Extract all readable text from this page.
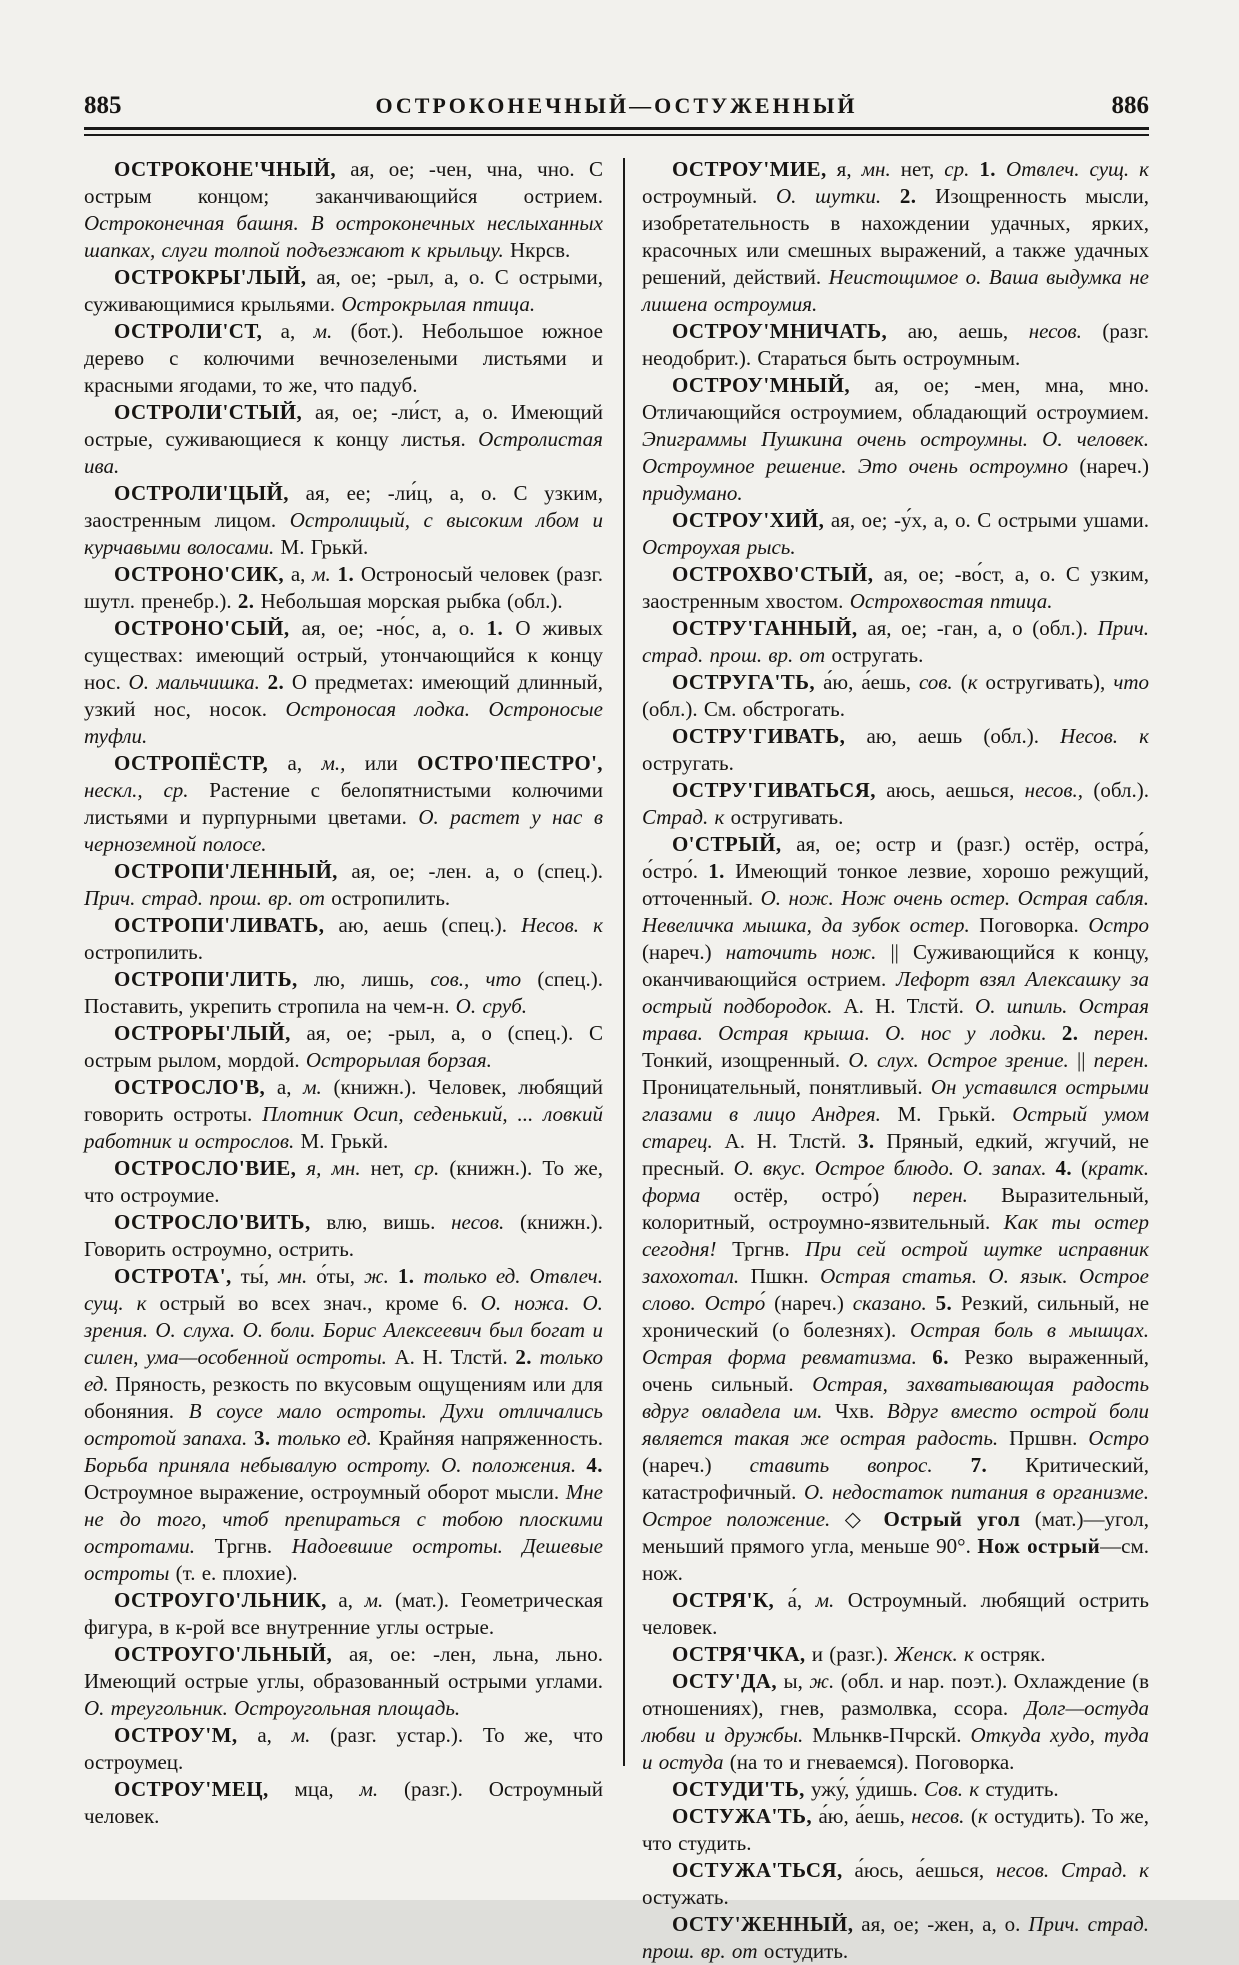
885	ОСТРОКОНЕЧНЫЙ—ОСТУЖЕННЫЙ	886

ОСТРОКОНЕ'ЧНЫЙ, ая, ое; -чен, чна, чно. С острым концом; заканчивающийся острием. Остроконечная башня. В остроконечных неслыханных шапках, слуги толпой подъезжают к крыльцу. Нкрсв.

ОСТРОКРЫ'ЛЫЙ, ая, ое; -рыл, а, о. С острыми, суживающимися крыльями. Острокрылая птица.

ОСТРОЛИ'СТ, а, м. (бот.). Небольшое южное дерево с колючими вечнозелеными листьями и красными ягодами, то же, что падуб.

ОСТРОЛИ'СТЫЙ, ая, ое; -ли́ст, а, о. Имеющий острые, суживающиеся к концу листья. Остролистая ива.

ОСТРОЛИ'ЦЫЙ, ая, ее; -ли́ц, а, о. С узким, заостренным лицом. Остролицый, с высоким лбом и курчавыми волосами. М. Грькй.

ОСТРОНО'СИК, а, м. 1. Остроносый человек (разг. шутл. пренебр.). 2. Небольшая морская рыбка (обл.).

ОСТРОНО'СЫЙ, ая, ое; -но́с, а, о. 1. О живых существах: имеющий острый, утончающийся к концу нос. О. мальчишка. 2. О предметах: имеющий длинный, узкий нос, носок. Остроносая лодка. Остроносые туфли.

ОСТРОПЁСТР, а, м., или ОСТРО'ПЕСТРО', нескл., ср. Растение с белопятнистыми колючими листьями и пурпурными цветами. О. растет у нас в черноземной полосе.

ОСТРОПИ'ЛЕННЫЙ, ая, ое; -лен. а, о (спец.). Прич. страд. прош. вр. от остропилить.

ОСТРОПИ'ЛИВАТЬ, аю, аешь (спец.). Несов. к остропилить.

ОСТРОПИ'ЛИТЬ, лю, лишь, сов., что (спец.). Поставить, укрепить стропила на чем-н. О. сруб.

ОСТРОРЫ'ЛЫЙ, ая, ое; -рыл, а, о (спец.). С острым рылом, мордой. Острорылая борзая.

ОСТРОСЛО'В, а, м. (книжн.). Человек, любящий говорить остроты. Плотник Осип, седенький, ... ловкий работник и острослов. М. Грькй.

ОСТРОСЛО'ВИЕ, я, мн. нет, ср. (книжн.). То же, что остроумие.

ОСТРОСЛО'ВИТЬ, влю, вишь. несов. (книжн.). Говорить остроумно, острить.

ОСТРОТА', ты́, мн. о́ты, ж. 1. только ед. Отвлеч. сущ. к острый во всех знач., кроме 6. О. ножа. О. зрения. О. слуха. О. боли. Борис Алексеевич был богат и силен, ума—особенной остроты. А. Н. Тлстй. 2. только ед. Пряность, резкость по вкусовым ощущениям или для обоняния. В соусе мало остроты. Духи отличались остротой запаха. 3. только ед. Крайняя напряженность. Борьба приняла небывалую остроту. О. положения. 4. Остроумное выражение, остроумный оборот мысли. Мне не до того, чтоб препираться с тобою плоскими остротами. Тргнв. Надоевшие остроты. Дешевые остроты (т. е. плохие).

ОСТРОУГО'ЛЬНИК, а, м. (мат.). Геометрическая фигура, в к-рой все внутренние углы острые.

ОСТРОУГО'ЛЬНЫЙ, ая, ое: -лен, льна, льно. Имеющий острые углы, образованный острыми углами. О. треугольник. Остроугольная площадь.

ОСТРОУ'М, а, м. (разг. устар.). То же, что остроумец.

ОСТРОУ'МЕЦ, мца, м. (разг.). Остроумный человек.

ОСТРОУ'МИЕ, я, мн. нет, ср. 1. Отвлеч. сущ. к остроумный. О. шутки. 2. Изощренность мысли, изобретательность в нахождении удачных, ярких, красочных или смешных выражений, а также удачных решений, действий. Неистощимое о. Ваша выдумка не лишена остроумия.

ОСТРОУ'МНИЧАТЬ, аю, аешь, несов. (разг. неодобрит.). Стараться быть остроумным.

ОСТРОУ'МНЫЙ, ая, ое; -мен, мна, мно. Отличающийся остроумием, обладающий остроумием. Эпиграммы Пушкина очень остроумны. О. человек. Остроумное решение. Это очень остроумно (нареч.) придумано.

ОСТРОУ'ХИЙ, ая, ое; -у́х, а, о. С острыми ушами. Остроухая рысь.

ОСТРОХВО'СТЫЙ, ая, ое; -во́ст, а, о. С узким, заостренным хвостом. Острохвостая птица.

ОСТРУ'ГАННЫЙ, ая, ое; -ган, а, о (обл.). Прич. страд. прош. вр. от остругать.

ОСТРУГА'ТЬ, а́ю, а́ешь, сов. (к остругивать), что (обл.). См. обстрогать.

ОСТРУ'ГИВАТЬ, аю, аешь (обл.). Несов. к остругать.

ОСТРУ'ГИВАТЬСЯ, аюсь, аешься, несов., (обл.). Страд. к остругивать.

О'СТРЫЙ, ая, ое; остр и (разг.) остёр, остра́, о́стро́. 1. Имеющий тонкое лезвие, хорошо режущий, отточенный. О. нож. Нож очень остер. Острая сабля. Невеличка мышка, да зубок остер. Поговорка. Остро (нареч.) наточить нож. || Суживающийся к концу, оканчивающийся острием. Лефорт взял Алексашку за острый подбородок. А. Н. Тлстй. О. шпиль. Острая трава. Острая крыша. О. нос у лодки. 2. перен. Тонкий, изощренный. О. слух. Острое зрение. || перен. Проницательный, понятливый. Он уставился острыми глазами в лицо Андрея. М. Грькй. Острый умом старец. А. Н. Тлстй. 3. Пряный, едкий, жгучий, не пресный. О. вкус. Острое блюдо. О. запах. 4. (кратк. форма остёр, остро́) перен. Выразительный, колоритный, остроумно-язвительный. Как ты остер сегодня! Тргнв. При сей острой шутке исправник захохотал. Пшкн. Острая статья. О. язык. Острое слово. Остро́ (нареч.) сказано. 5. Резкий, сильный, не хронический (о болезнях). Острая боль в мышцах. Острая форма ревматизма. 6. Резко выраженный, очень сильный. Острая, захватывающая радость вдруг овладела им. Чхв. Вдруг вместо острой боли является такая же острая радость. Пршвн. Остро (нареч.) ставить вопрос. 7. Критический, катастрофичный. О. недостаток питания в организме. Острое положение. ◇ Острый угол (мат.)—угол, меньший прямого угла, меньше 90°. Нож острый—см. нож.

ОСТРЯ'К, а́, м. Остроумный. любящий острить человек.

ОСТРЯ'ЧКА, и (разг.). Женск. к остряк.

ОСТУ'ДА, ы, ж. (обл. и нар. поэт.). Охлаждение (в отношениях), гнев, размолвка, ссора. Долг—остуда любви и дружбы. Мльнкв-Пчрскй. Откуда худо, туда и остуда (на то и гневаемся). Поговорка.

ОСТУДИ'ТЬ, ужу́, у́дишь. Сов. к студить.

ОСТУЖА'ТЬ, а́ю, а́ешь, несов. (к остудить). То же, что студить.

ОСТУЖА'ТЬСЯ, а́юсь, а́ешься, несов. Страд. к остужать.

ОСТУ'ЖЕННЫЙ, ая, ое; -жен, а, о. Прич. страд. прош. вр. от остудить.
